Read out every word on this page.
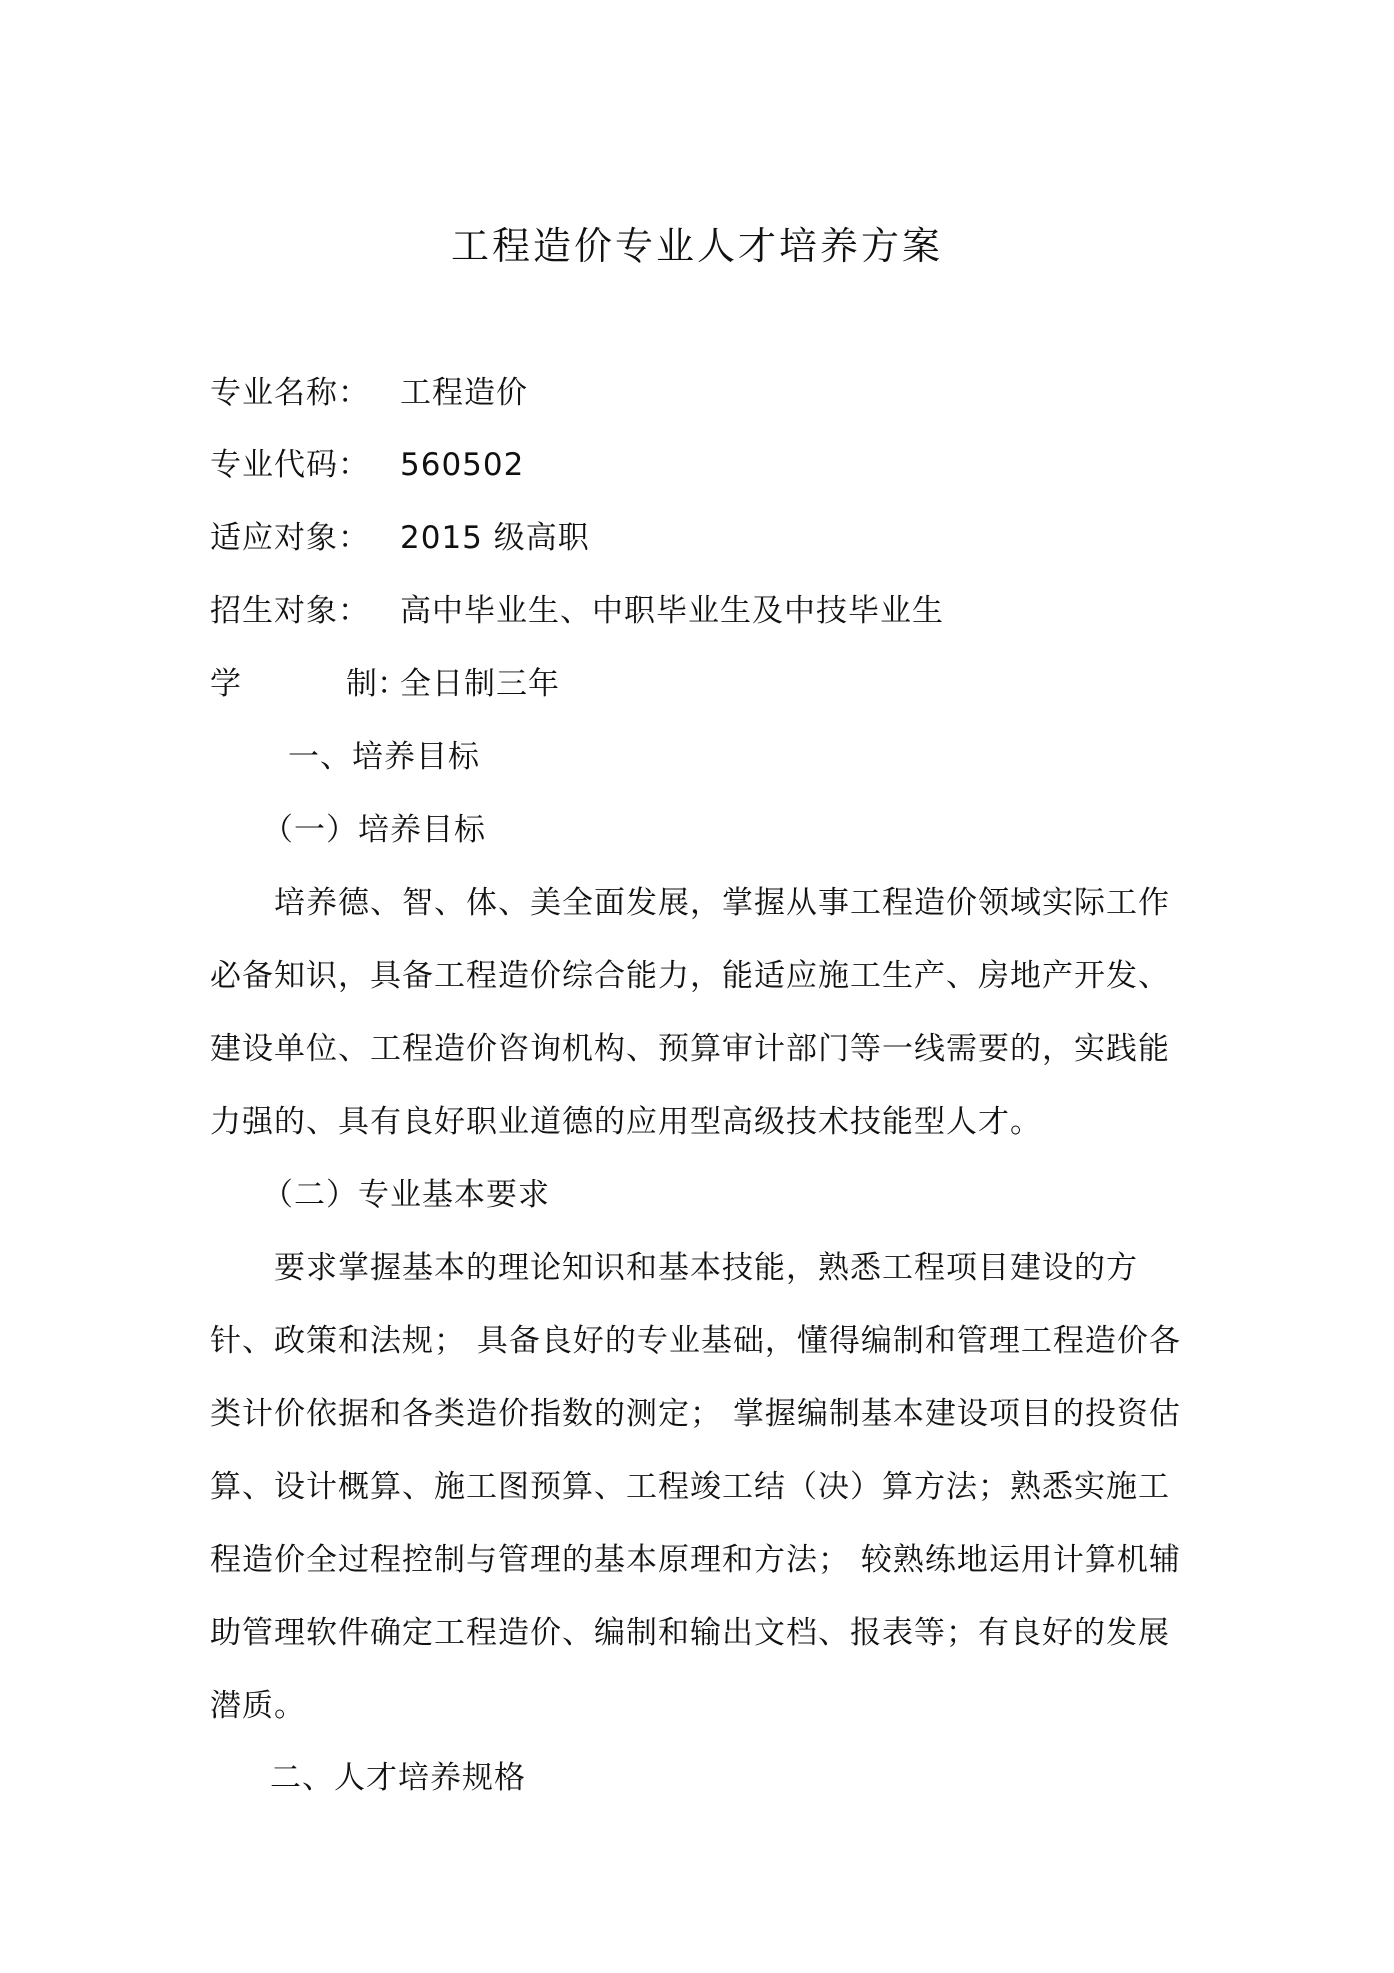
工程造价专业人才培养方案
专业名称： 工程造价
专业代码： 560502
适应对象： 2015 级高职
招生对象： 高中毕业生、中职毕业生及中技毕业生
学	制：全日制三年
一、培养目标
（一）培养目标
培养德、智、体、美全面发展，掌握从事工程造价领域实际工作
必备知识，具备工程造价综合能力，能适应施工生产、房地产开发、
建设单位、工程造价咨询机构、预算审计部门等一线需要的，实践能
力强的、具有良好职业道德的应用型高级技术技能型人才。
（二）专业基本要求
要求掌握基本的理论知识和基本技能，熟悉工程项目建设的方
针、政策和法规； 具备良好的专业基础，懂得编制和管理工程造价各
类计价依据和各类造价指数的测定； 掌握编制基本建设项目的投资估
算、设计概算、施工图预算、工程竣工结（决）算方法；熟悉实施工
程造价全过程控制与管理的基本原理和方法； 较熟练地运用计算机辅
助管理软件确定工程造价、编制和输出文档、报表等；有良好的发展
潜质。
二、人才培养规格
